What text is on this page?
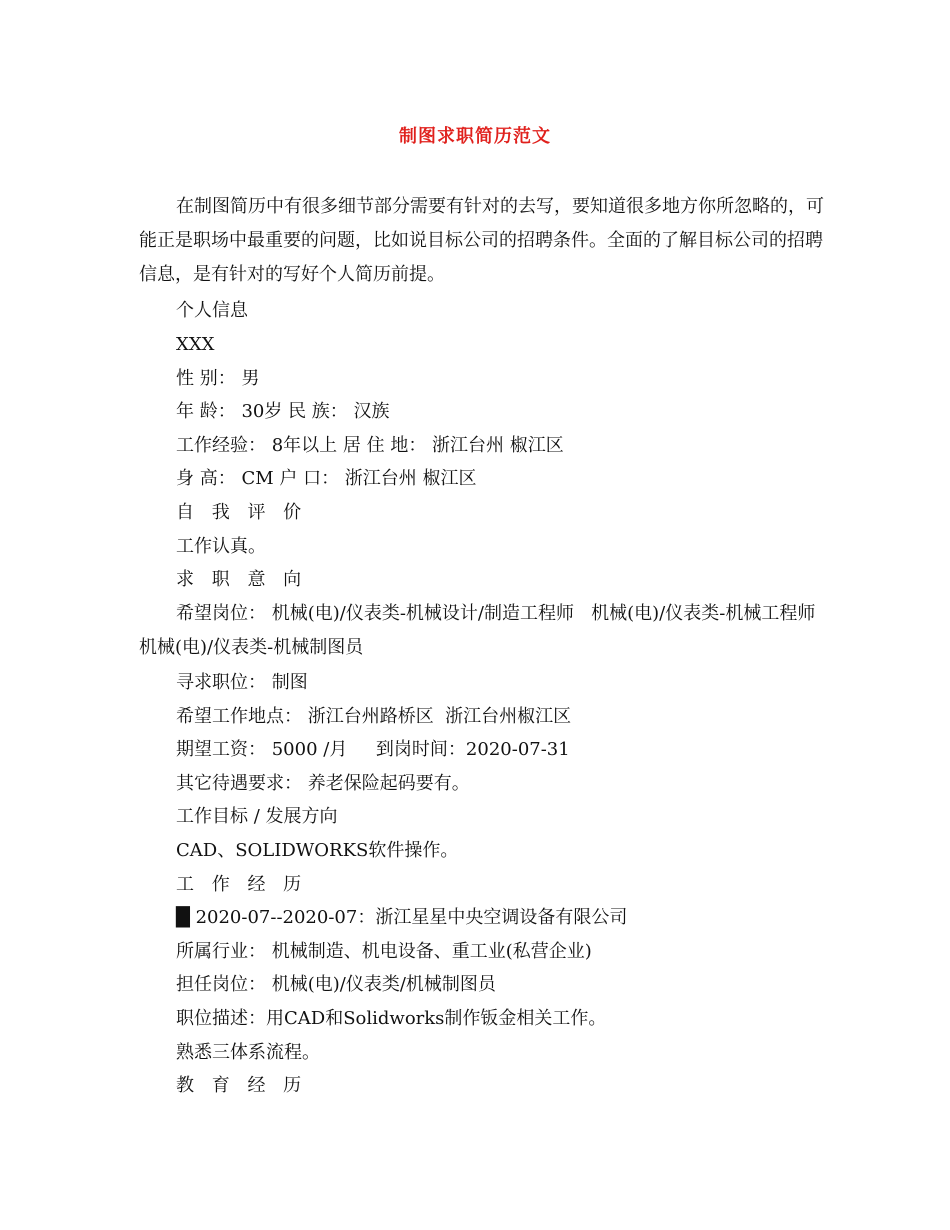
制图求职简历范文
在制图简历中有很多细节部分需要有针对的去写，要知道很多地方你所忽略的，可能正是职场中最重要的问题，比如说目标公司的招聘条件。全面的了解目标公司的招聘信息，是有针对的写好个人简历前提。
个人信息
XXX
性 别： 男
年 龄： 30岁 民 族： 汉族
工作经验： 8年以上 居 住 地： 浙江台州 椒江区
身 高： CM 户 口： 浙江台州 椒江区
自 我 评 价
工作认真。
求 职 意 向
希望岗位： 机械(电)/仪表类-机械设计/制造工程师   机械(电)/仪表类-机械工程师   机械(电)/仪表类-机械制图员
寻求职位： 制图
希望工作地点： 浙江台州路桥区  浙江台州椒江区
期望工资： 5000 /月     到岗时间：2020-07-31
其它待遇要求： 养老保险起码要有。
工作目标 / 发展方向
CAD、SOLIDWORKS软件操作。
工 作 经 历
█ 2020-07--2020-07：浙江星星中央空调设备有限公司
所属行业： 机械制造、机电设备、重工业(私营企业)
担任岗位： 机械(电)/仪表类/机械制图员
职位描述：用CAD和Solidworks制作钣金相关工作。
熟悉三体系流程。
教 育 经 历
